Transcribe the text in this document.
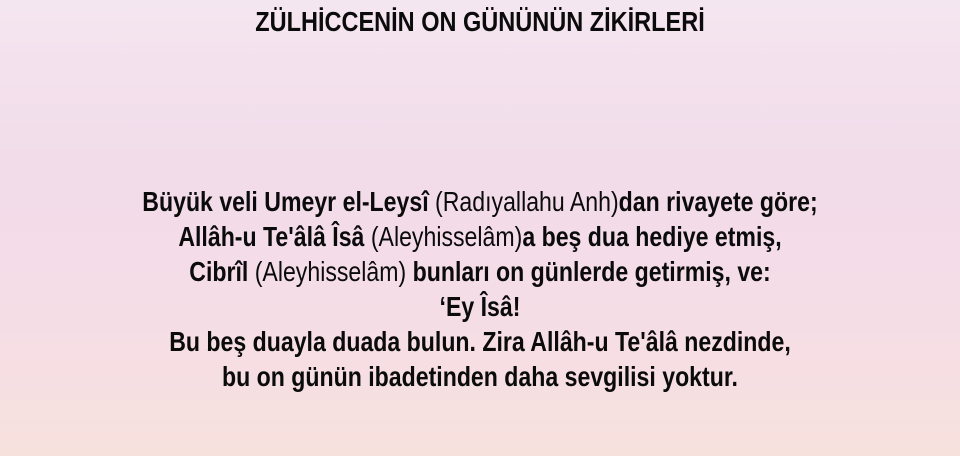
ZÜLHİCCENİN ON GÜNÜNÜN ZİKİRLERİ
Büyük veli Umeyr el-Leysî (Radıyallahu Anh)dan rivayete göre;
Allâh-u Te'âlâ Îsâ (Aleyhisselâm)a beş dua hediye etmiş,
Cibrîl (Aleyhisselâm) bunları on günlerde getirmiş, ve:
‘Ey Îsâ!
Bu beş duayla duada bulun. Zira Allâh-u Te'âlâ nezdinde,
bu on günün ibadetinden daha sevgilisi yoktur.
